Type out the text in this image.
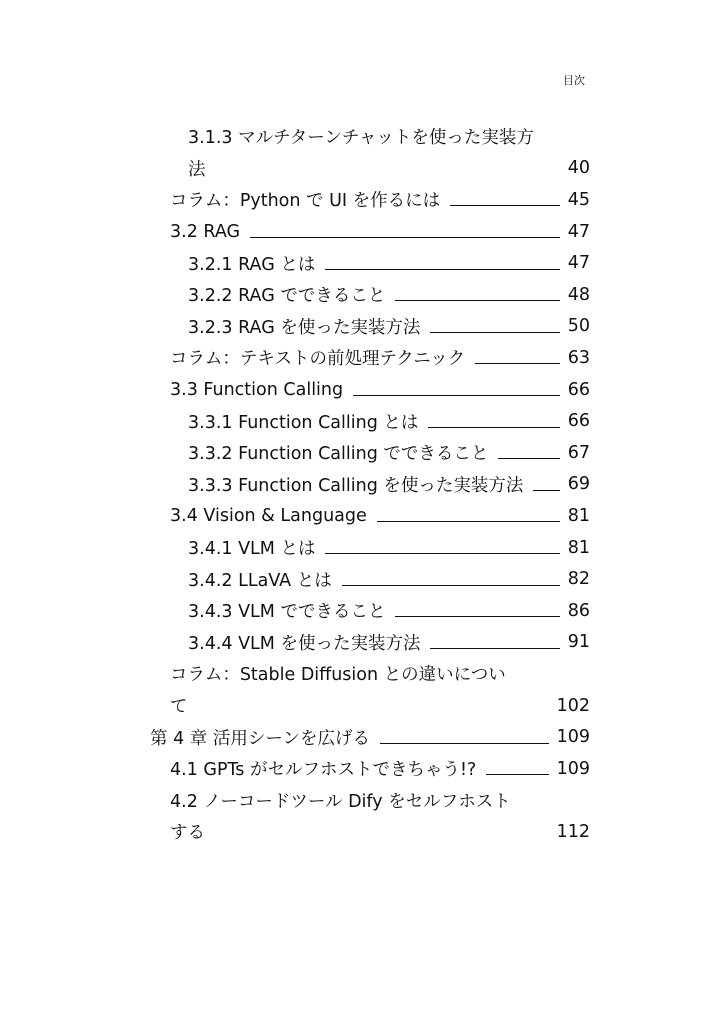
目次
3.1.3 マルチターンチャットを使った実装方
法	40
コラム：Python で UI を作るには	45
3.2 RAG	47
3.2.1 RAG とは	47
3.2.2 RAG でできること	48
3.2.3 RAG を使った実装方法	50
コラム：テキストの前処理テクニック	63
3.3 Function Calling	66
3.3.1 Function Calling とは	66
3.3.2 Function Calling でできること	67
3.3.3 Function Calling を使った実装方法	69
3.4 Vision & Language	81
3.4.1 VLM とは	81
3.4.2 LLaVA とは	82
3.4.3 VLM でできること	86
3.4.4 VLM を使った実装方法	91
コラム：Stable Diffusion との違いについ
て	102
第 4 章 活用シーンを広げる	109
4.1 GPTs がセルフホストできちゃう!?	109
4.2 ノーコードツール Dify をセルフホスト
する	112
